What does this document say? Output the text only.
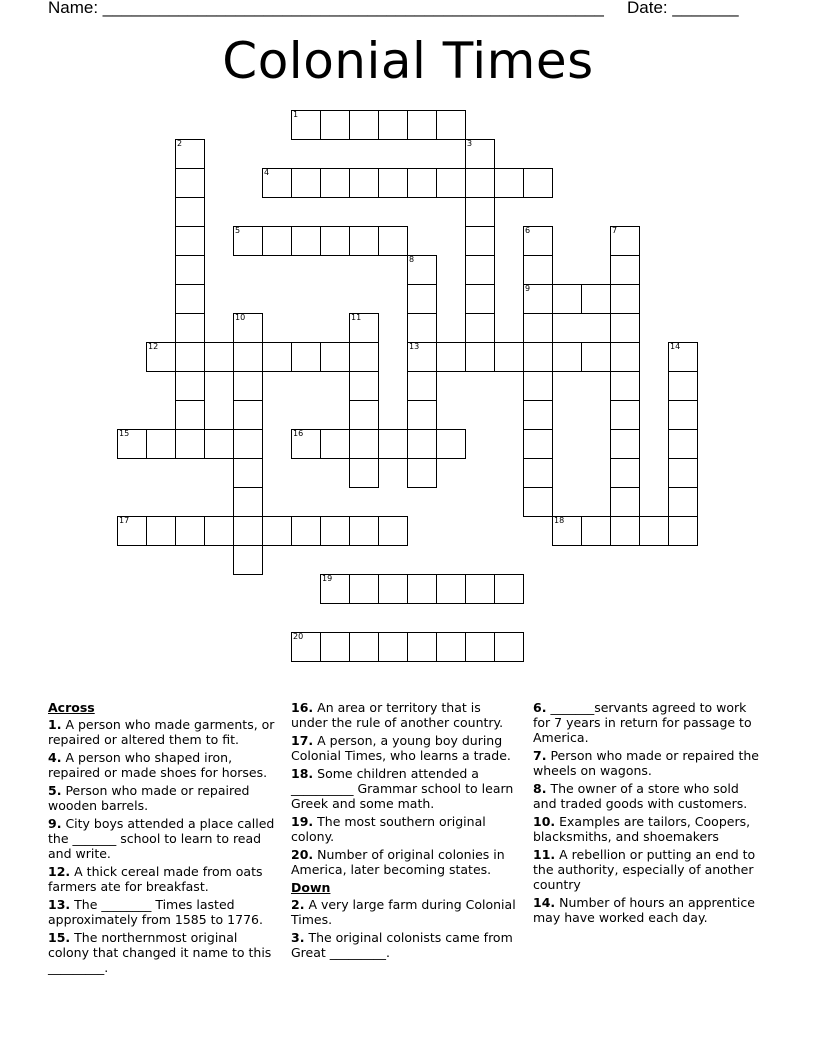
Name: _____________________________________________________ Date: _______
Colonial Times
1
2	3
4
5	6
9
7
8
13
10	11
12	14
15	16
17	18
19
20
Across
1. A person who made garments, or repaired or altered them to fit.
4. A person who shaped iron, repaired or made shoes for horses.
5. Person who made or repaired wooden barrels.
9. City boys attended a place called the _______ school to learn to read and write.
12. A thick cereal made from oats farmers ate for breakfast.
13. The ________ Times lasted approximately from 1585 to 1776.
15. The northernmost original colony that changed it name to this _________.
16. An area or territory that is under the rule of another country.
17. A person, a young boy during Colonial Times, who learns a trade.
18. Some children attended a __________ Grammar school to learn Greek and some math.
19. The most southern original colony.
20. Number of original colonies in America, later becoming states.
Down
2. A very large farm during Colonial Times.
3. The original colonists came from Great _________.
6. _______servants agreed to work for 7 years in return for passage to America.
7. Person who made or repaired the wheels on wagons.
8. The owner of a store who sold and traded goods with customers.
10. Examples are tailors, Coopers, blacksmiths, and shoemakers
11. A rebellion or putting an end to the authority, especially of another country
14. Number of hours an apprentice may have worked each day.
